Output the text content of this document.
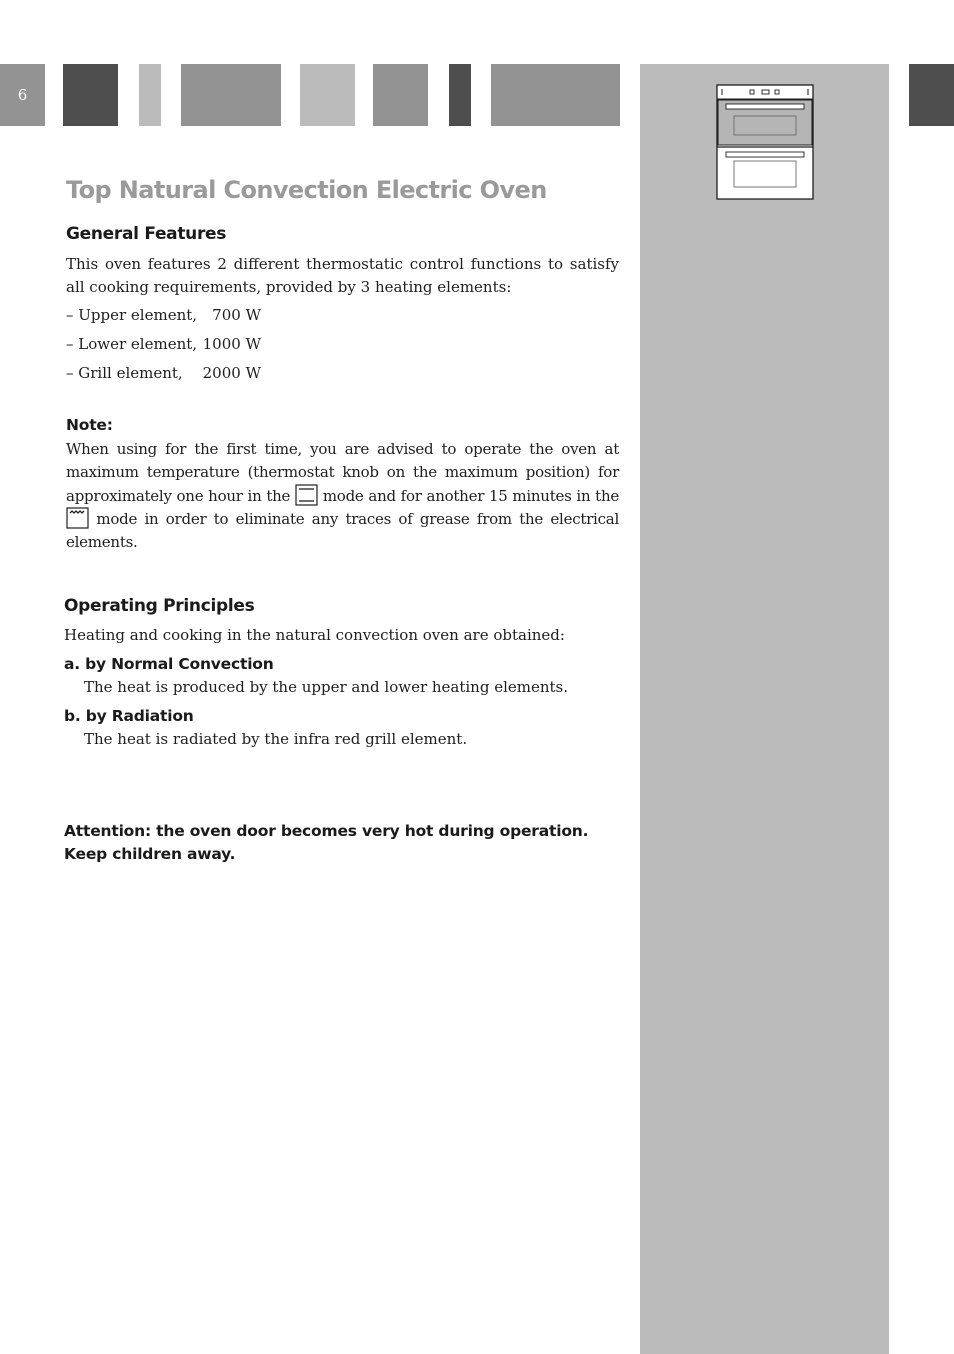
6
Top Natural Convection Electric Oven
General Features
This oven features 2 different thermostatic control functions to satisfy all cooking requirements, provided by 3 heating elements:
– Upper element, 700 W
– Lower element, 1000 W
– Grill element, 2000 W
Note:
When using for the first time, you are advised to operate the oven at maximum temperature (thermostat knob on the maximum position) for approximately one hour in the mode and for another 15 minutes in the  mode in order to eliminate any traces of grease from the electrical elements.
Operating Principles
Heating and cooking in the natural convection oven are obtained:
a. by Normal Convection
The heat is produced by the upper and lower heating elements.
b. by Radiation
The heat is radiated by the infra red grill element.
Attention: the oven door becomes very hot during operation.
Keep children away.
